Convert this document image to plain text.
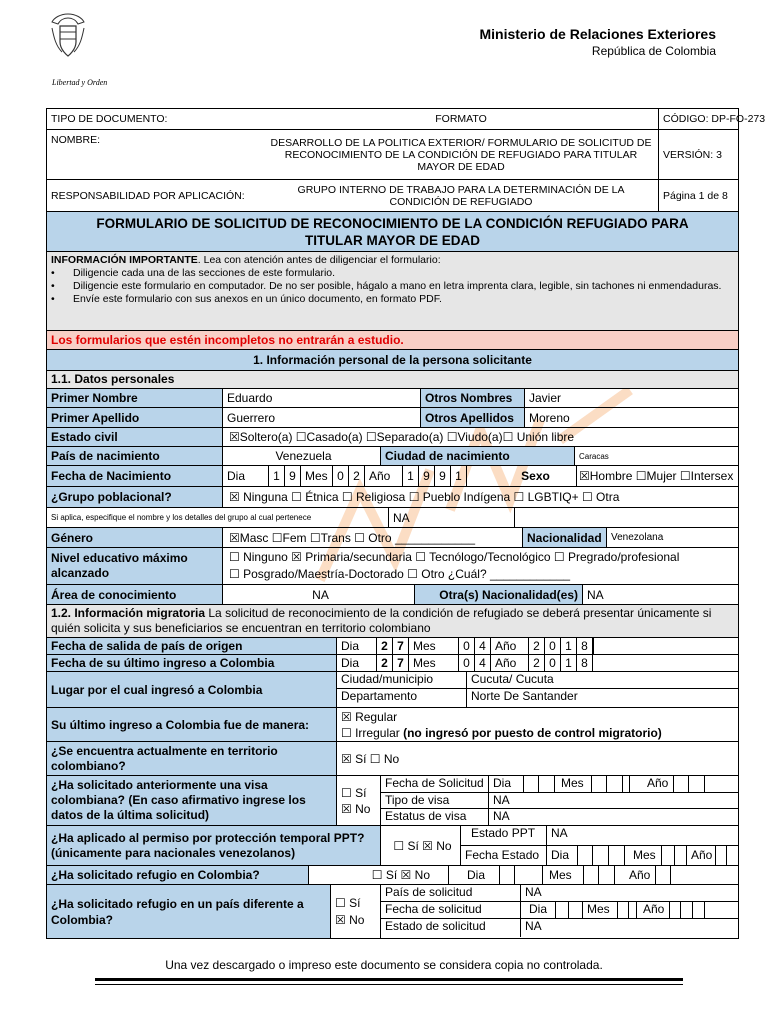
Libertad y Orden
Ministerio de Relaciones Exteriores
República de Colombia
TIPO DE DOCUMENTO:	FORMATO	CÓDIGO: DP-FO-273
NOMBRE:	DESARROLLO DE LA POLITICA EXTERIOR/ FORMULARIO DE SOLICITUD DE RECONOCIMIENTO DE LA CONDICIÓN DE REFUGIADO PARA TITULAR MAYOR DE EDAD
VERSIÓN: 3
RESPONSABILIDAD POR APLICACIÓN:	GRUPO INTERNO DE TRABAJO PARA LA DETERMINACIÓN DE LA CONDICIÓN DE REFUGIADO	Página 1 de 8
FORMULARIO DE SOLICITUD DE RECONOCIMIENTO DE LA CONDICIÓN REFUGIADO PARA TITULAR MAYOR DE EDAD
INFORMACIÓN IMPORTANTE. Lea con atención antes de diligenciar el formulario:
•	Diligencie cada una de las secciones de este formulario.
•	Diligencie este formulario en computador. De no ser posible, hágalo a mano en letra imprenta clara, legible, sin tachones ni enmendaduras.
•	Envíe este formulario con sus anexos en un único documento, en formato PDF.
Los formularios que estén incompletos no entrarán a estudio.
1. Información personal de la persona solicitante
1.1. Datos personales
Primer Nombre	Eduardo	Otros Nombres	Javier
Primer Apellido	Guerrero	Otros Apellidos	Moreno
Estado civil	☒Soltero(a) ☐Casado(a) ☐Separado(a) ☐Viudo(a)☐ Unión libre
País de nacimiento	Venezuela	Ciudad de nacimiento	Caracas
Fecha de Nacimiento	Dia	1 9 Mes 0 2 Año	1 9 9 1	Sexo	☒Hombre ☐Mujer ☐Intersex
¿Grupo poblacional?	☒ Ninguna ☐ Étnica ☐ Religiosa ☐ Pueblo Indígena ☐ LGBTIQ+ ☐ Otra
Si aplica, especifique el nombre y los detalles del grupo al cual pertenece	NA
Género	☒Masc ☐Fem ☐Trans ☐ Otro ____________	Nacionalidad Venezolana
Nivel educativo máximo alcanzado
☐ Ninguno ☒ Primaria/secundaria ☐ Tecnólogo/Tecnológico ☐ Pregrado/profesional
☐ Posgrado/Maestría-Doctorado ☐ Otro ¿Cuál? ____________
Área de conocimiento	NA	Otra(s) Nacionalidad(es) NA
1.2. Información migratoria La solicitud de reconocimiento de la condición de refugiado se deberá presentar únicamente si quién solicita y sus beneficiarios se encuentran en territorio colombiano
Fecha de salida de país de origen	Dia	2 7 Mes	0 4 Año	2 0 1 8
Fecha de su último ingreso a Colombia	Dia	2 7 Mes	0 4 Año	2 0 1 8
Lugar por el cual ingresó a Colombia
Ciudad/municipio	Cucuta/ Cucuta
Departamento	Norte De Santander
Su último ingreso a Colombia fue de manera:
☒ Regular
☐ Irregular (no ingresó por puesto de control migratorio)
¿Se encuentra actualmente en territorio colombiano?	☒ Sí ☐ No
¿Ha solicitado anteriormente una visa colombiana? (En caso afirmativo ingrese los datos de la última solicitud)
☐ Sí
☒ No
Fecha de Solicitud Dia	Mes	Año
Tipo de visa	NA
Estatus de visa	NA
¿Ha aplicado al permiso por protección temporal PPT? (únicamente para nacionales venezolanos)	☐ Sí ☒ No
Estado PPT	NA
Fecha Estado Dia	Mes	Año
¿Ha solicitado refugio en Colombia?	☐ Sí ☒ No	Dia	Mes	Año
¿Ha solicitado refugio en un país diferente a Colombia?
☐ Sí
☒ No
País de solicitud	NA
Fecha de solicitud	Dia	Mes	Año
Estado de solicitud	NA
Una vez descargado o impreso este documento se considera copia no controlada.
